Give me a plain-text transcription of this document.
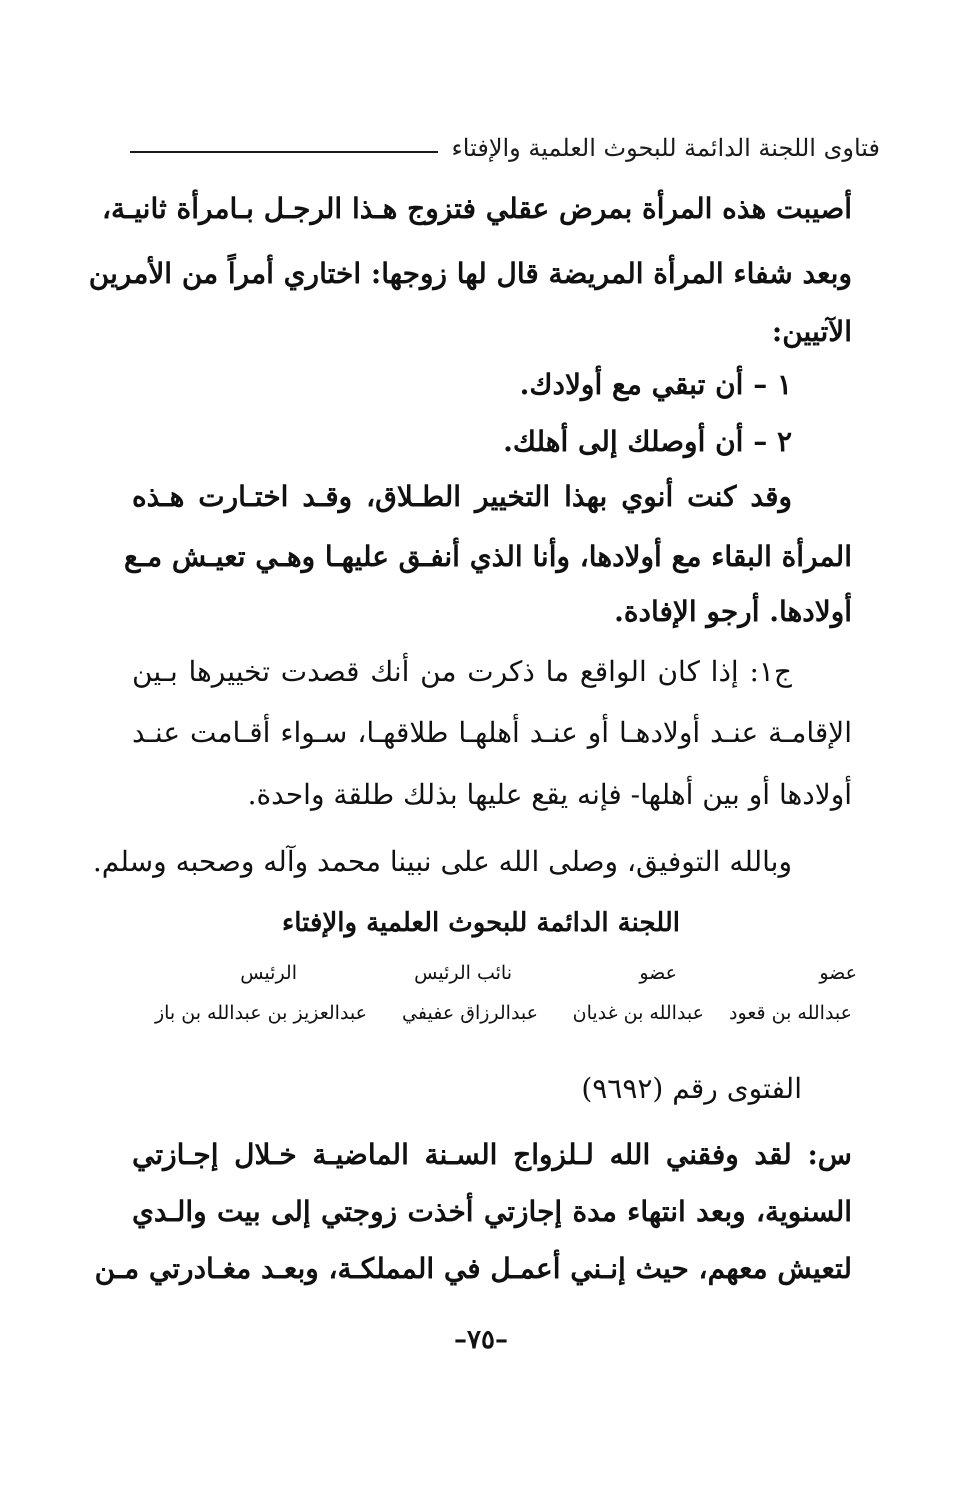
فتاوى اللجنة الدائمة للبحوث العلمية والإفتاء
أصيبت هذه المرأة بمرض عقلي فتزوج هـذا الرجـل بـامرأة ثانيـة،
وبعد شفاء المرأة المريضة قال لها زوجها: اختاري أمراً من الأمرين
الآتيين:
١ – أن تبقي مع أولادك.
٢ – أن أوصلك إلى أهلك.
وقد كنت أنوي بهذا التخيير الطـلاق، وقـد اختـارت هـذه
المرأة البقاء مع أولادها، وأنا الذي أنفـق عليهـا وهـي تعيـش مـع
أولادها. أرجو الإفادة.
ج١: إذا كان الواقع ما ذكرت من أنك قصدت تخييرها بـين
الإقامـة عنـد أولادهـا أو عنـد أهلهـا طلاقهـا، سـواء أقـامت عنـد
أولادها أو بين أهلها- فإنه يقع عليها بذلك طلقة واحدة.
وبالله التوفيق، وصلى الله على نبينا محمد وآله وصحبه وسلم.
اللجنة الدائمة للبحوث العلمية والإفتاء
عضو
عضو
نائب الرئيس
الرئيس
عبدالله بن قعود
عبدالله بن غديان
عبدالرزاق عفيفي
عبدالعزيز بن عبدالله بن باز
الفتوى رقم (٩٦٩٢)
س: لقد وفقني الله لـلزواج السـنة الماضيـة خـلال إجـازتي
السنوية، وبعد انتهاء مدة إجازتي أخذت زوجتي إلى بيت والـدي
لتعيش معهم، حيث إنـني أعمـل في المملكـة، وبعـد مغـادرتي مـن
–٧٥–
